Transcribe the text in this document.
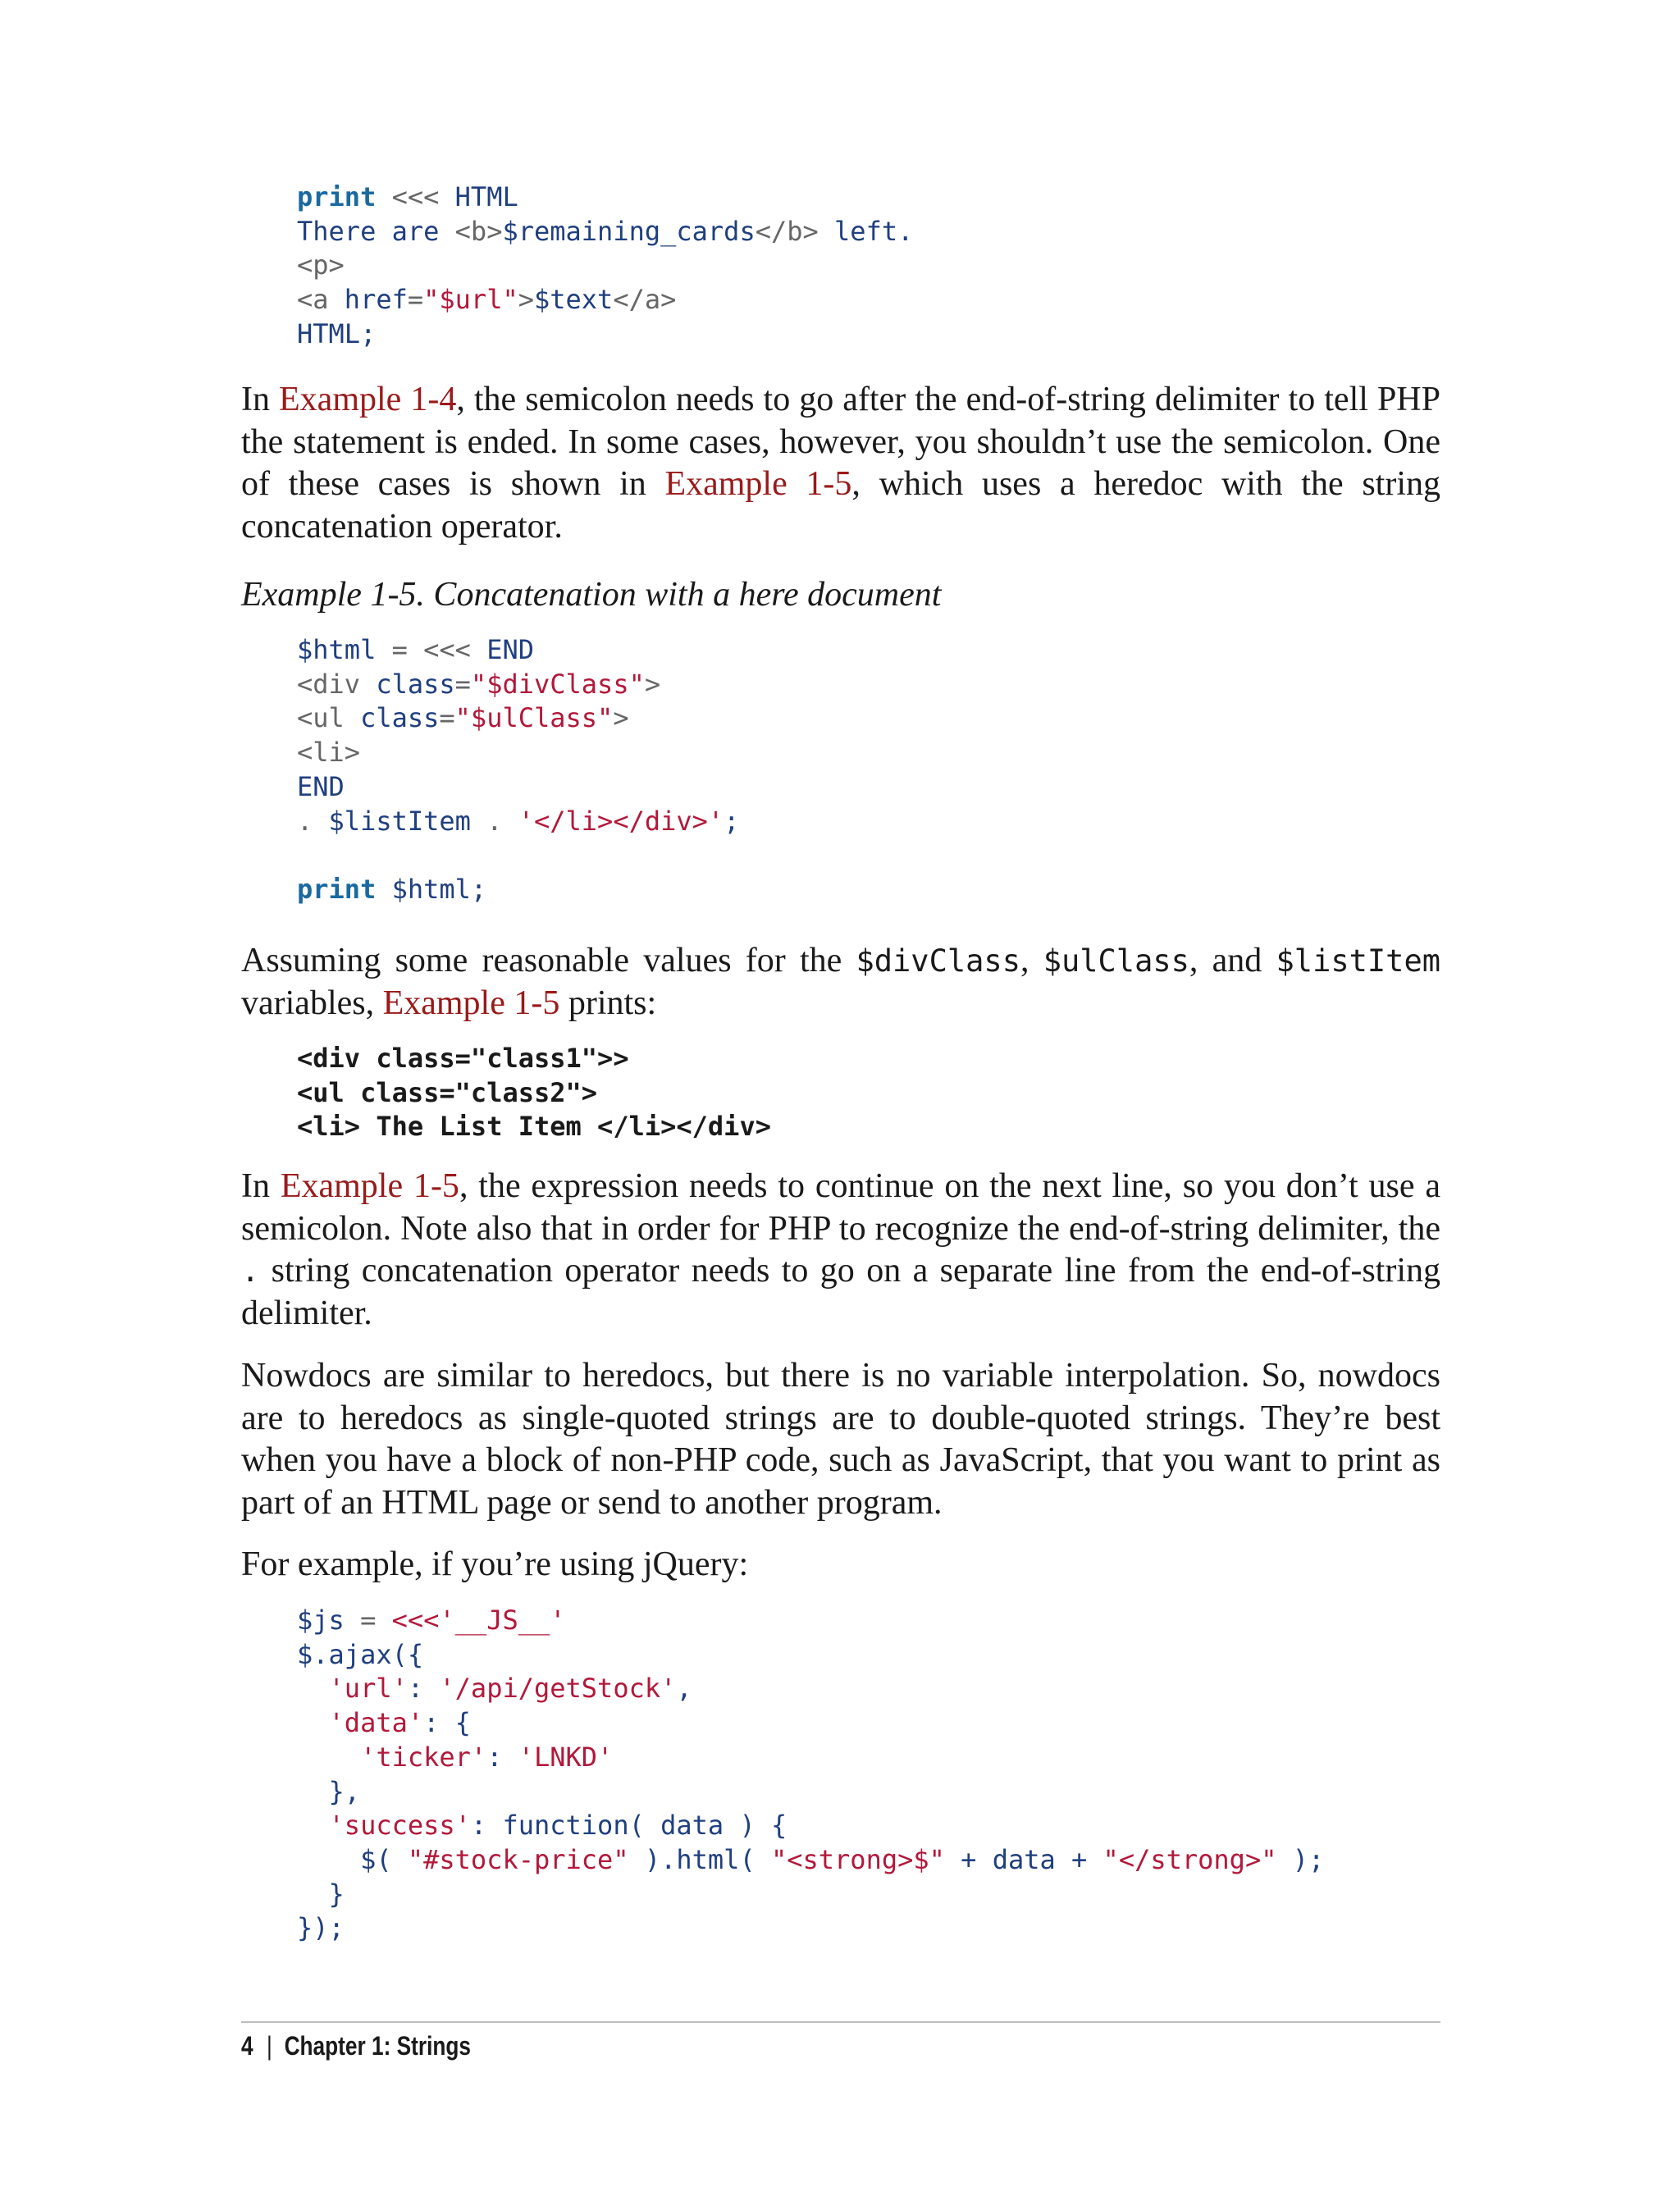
print <<< HTML
There are <b>$remaining_cards</b> left.
<p>
<a href="$url">$text</a>
HTML;

In Example 1-4, the semicolon needs to go after the end-of-string delimiter to tell PHP the statement is ended. In some cases, however, you shouldn’t use the semicolon. One of these cases is shown in Example 1-5, which uses a heredoc with the string concatenation operator.

Example 1-5. Concatenation with a here document

$html = <<< END
<div class="$divClass">
<ul class="$ulClass">
<li>
END
. $listItem . '</li></div>';

print $html;

Assuming some reasonable values for the $divClass, $ulClass, and $listItem variables, Example 1-5 prints:

<div class="class1">>
<ul class="class2">
<li> The List Item </li></div>

In Example 1-5, the expression needs to continue on the next line, so you don’t use a semicolon. Note also that in order for PHP to recognize the end-of-string delimiter, the . string concatenation operator needs to go on a separate line from the end-of-string delimiter.

Nowdocs are similar to heredocs, but there is no variable interpolation. So, nowdocs are to heredocs as single-quoted strings are to double-quoted strings. They’re best when you have a block of non-PHP code, such as JavaScript, that you want to print as part of an HTML page or send to another program.

For example, if you’re using jQuery:

$js = <<<'__JS__'
$.ajax({
'url': '/api/getStock',
'data': {
'ticker': 'LNKD'
},
'success': function( data ) {
$( "#stock-price" ).html( "<strong>$" + data + "</strong>" );
}
});
4 | Chapter 1: Strings
